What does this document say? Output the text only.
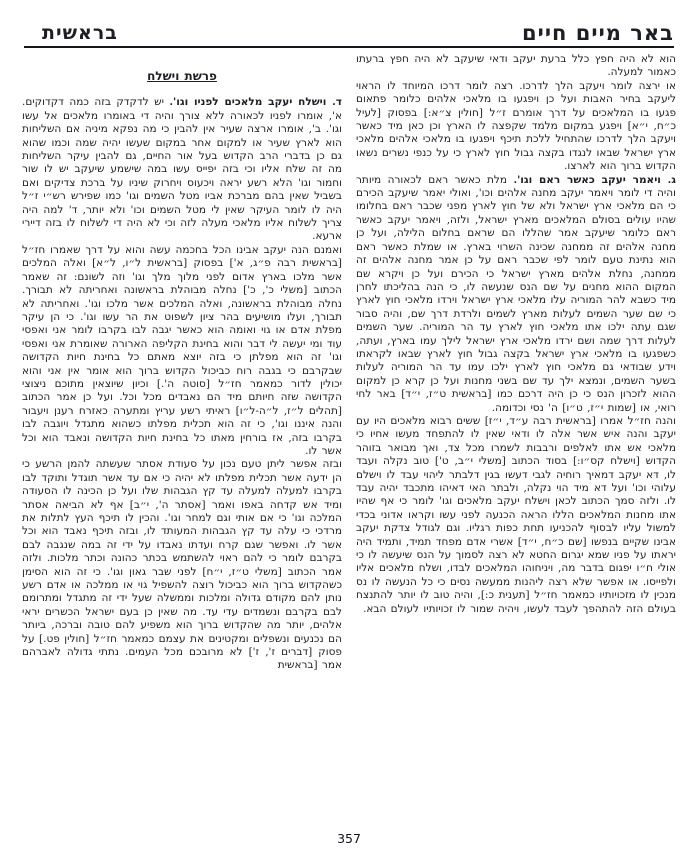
באר מיים חיים
בראשית

הוא לא היה חפץ כלל ברעת יעקב ודאי שיעקב לא היה חפץ ברעתו כאמור למעלה.

או ירצה לומר ויעקב הלך לדרכו. רצה לומר דרכו המיוחד לו הראוי ליעקב בחיר האבות ועל כן ויפגעו בו מלאכי אלהים כלומר פתאום פגעו בו המלאכים על דרך אומרם ז״ל [חולין צ״א:] בפסוק [לעיל כ״ח, י״א] ויפגע במקום מלמד שקפצה לו הארץ וכן כאן מיד כאשר ויעקב הלך לדרכו שהתחיל ללכת תיכף ויפגעו בו מלאכי אלהים מלאכי ארץ ישראל שבאו לנגדו בקצה גבול חוץ לארץ כי על כנפי נשרים נשאו הקדוש ברוך הוא לארצו.

ג. ויאמר יעקב כאשר ראם וגו'. מלת כאשר ראם לכאורה מיותר והיה די לומר ויאמר יעקב מחנה אלהים וכו', ואולי יאמר שיעקב הכירם כי הם מלאכי ארץ ישראל ולא של חוץ לארץ מפני שכבר ראם בחלומו שהיו עולים בסולם המלאכים מארץ ישראל, ולזה, ויאמר יעקב כאשר ראם כלומר שיעקב אמר שהללו הם שראם בחלום הלילה, ועל כן מחנה אלהים זה ממחנה שכינה השרוי בארץ. או שמלת כאשר ראם הוא נתינת טעם לומר לפי שכבר ראם על כן אמר מחנה אלהים זה ממחנה, נחלת אלהים מארץ ישראל כי הכירם ועל כן ויקרא שם המקום ההוא מחנים על שם הנס שנעשה לו, כי הנה בהליכתו לחרן מיד כשבא להר המוריה עלו מלאכי ארץ ישראל וירדו מלאכי חוץ לארץ כי שם שער השמים לעלות מארץ לשמים ולרדת דרך שם, והיה סבור שגם עתה ילכו אתו מלאכי חוץ לארץ עד הר המוריה. שער השמים לעלות דרך שמה ושם ירדו מלאכי ארץ ישראל לילך עמו בארץ, ועתה, כשפגעו בו מלאכי ארץ ישראל בקצה גבול חוץ לארץ שבאו לקראתו וידע שבודאי גם מלאכי חוץ לארץ ילכו עמו עד הר המוריה לעלות בשער השמים, ונמצא ילך עד שם בשני מחנות ועל כן קרא כן למקום ההוא לזכרון הנס כי כן היה דרכם כמו [בראשית ט״ז, י״ד] באר לחי רואי, או [שמות י״ז, ט״ו] ה' נסי וכדומה.

והנה חז״ל אמרו [בראשית רבה ע״ד, י״ז] ששים רבוא מלאכים היו עם יעקב והנה איש אשר אלה לו ודאי שאין לו להתפחד מעשו אחיו כי מלאכי אש אתו לאלפים ורבבות לשמרו מכל צד, ואך מבואר בזוהר הקדוש [וישלח קס״ו:] בסוד הכתוב [משלי י״ב, ט'] טוב נקלה ועבד לו, דא יעקב דמאיך רוחיה לגבי דעשו בגין דלבתר ליהוי עבד לו וישלם עלוהי וכו' ועל דא מיד הוי נקלה, ולבתר האי דאיהו מתכבד יהיה עבד לו. ולזה סמך הכתוב לכאן וישלח יעקב מלאכים וגו' לומר כי אף שהיו אתו מחנות המלאכים הללו הראה הכנעה לפני עשו וקראו אדוני בכדי למשול עליו לבסוף להכניעו תחת כפות רגליו. וגם לגודל צדקת יעקב אבינו שקיים בנפשו [שם כ״ח, י״ד] אשרי אדם מפחד תמיד, ותמיד היה יראתו על פניו שמא יגרום החטא לא רצה לסמוך על הנס שיעשה לו כי אולי ח״ו יפגום בדבר מה, ויניחוהו המלאכים לבדו, ושלח מלאכים אליו ולפייסו. או אפשר שלא רצה ליהנות ממעשה נסים כי כל הנעשה לו נס מנכין לו מזכויותיו כמאמר חז״ל [תענית כ:], והיה טוב לו יותר להתנצח בעולם הזה להתהפך לעבד לעשו, ויהיה שמור לו זכויותיו לעולם הבא.

פרשת וישלח

ד. וישלח יעקב מלאכים לפניו וגו'. יש לדקדק בזה כמה דקדוקים. א', אומרו לפניו לכאורה ללא צורך והיה די באומרו מלאכים אל עשו וגו'. ב', אומרו ארצה שעיר אין להבין כי מה נפקא מיניה אם השליחות הוא לארץ שעיר או למקום אחר במקום שעשו יהיה שמה וכמו שהוא גם כן בדברי הרב הקדוש בעל אור החיים, גם להבין עיקר השליחות מה זה שלח אליו וכי בזה יפייס עשו במה שישמע שיעקב יש לו שור וחמור וגו' הלא רשע יראה ויכעוס ויחרוק שיניו על ברכת צדיקים ואם בשביל שאין בהם מברכת אביו מטל השמים וגו' כמו שפירש רש״י ז״ל היה לו לומר העיקר שאין לי מטל השמים וכו' ולא יותר, ד' למה היה צריך לשלוח אליו מלאכי מעלה לזה וכי לא היה די לשלוח לו בזה דיירי ארעא.

ואמנם הנה יעקב אבינו הכל בחכמה עשה והוא על דרך שאמרו חז״ל [בראשית רבה פ״ג, א'] בפסוק [בראשית ל״ו, ל״א] ואלה המלכים אשר מלכו בארץ אדום לפני מלוך מלך וגו' וזה לשונם: זה שאמר הכתוב [משלי כ', כ'] נחלה מבוהלת בראשונה ואחריתה לא תבורך. נחלה מבוהלת בראשונה, ואלה המלכים אשר מלכו וגו'. ואחריתה לא תבורך, ועלו מושיעים בהר ציון לשפוט את הר עשו וגו'. כי הן עיקר מפלת אדם או גוי ואומה הוא כאשר יגבה לבו בקרבו לומר אני ואפסי עוד ומי יעשה לי דבר והוא בחינת הקליפה הארורה שאומרת אני ואפסי וגו' זה הוא מפלתן כי בזה יוצא מאתם כל בחינת חיות הקדושה שבקרבם כי בגבה רוח כביכול הקדוש ברוך הוא אומר אין אני והוא יכולין לדור כמאמר חז״ל [סוטה ה'.] וכיון שיוצאין מתוכם ניצוצי הקדושה שזה חיותם מיד הם נאבדים מכל וכל. ועל כן אמר הכתוב [תהלים ל״ז, ל״ה-ל״ו] ראיתי רשע עריץ ומתערה כאזרח רענן ויעבור והנה איננו וגו', כי זה הוא תכלית מפלתו כשהוא מתגדל ויוגבה לבו בקרבו בזה, אז בורחין מאתו כל בחינת חיות הקדושה ונאבד הוא וכל אשר לו.

ובזה אפשר ליתן טעם נכון על סעודת אסתר שעשתה להמן הרשע כי הן ידעה אשר תכלית מפלתו לא יהיה כי אם עד אשר תוגדל ותוקד לבו בקרבו למעלה למעלה עד קץ הגבהות שלו ועל כן הכינה לו הסעודה ומיד אש קדחה באפו ואמר [אסתר ה', י״ב] אף לא הביאה אסתר המלכה וגו' כי אם אותי וגם למחר וגו'. והכין לו תיכף העץ לתלות את מרדכי כי עלה עד קץ הגבהות המעותד לו, ובזה תיכף נאבד הוא וכל אשר לו. ואפשר שגם קרח ועדתו נאבדו על ידי זה במה שנגבה לבם בקרבם לומר כי להם ראוי להשתמש בכתר כהונה וכתר מלכות. ולזה אמר הכתוב [משלי ט״ז, י״ח] לפני שבר גאון וגו'. כי זה הוא הסימן כשהקדוש ברוך הוא כביכול רוצה להשפיל גוי או ממלכה או אדם רשע נותן להם מקודם גדולה ומלכות וממשלה שעל ידי זה מתגדל ומתרומם לבם בקרבם ונשמדים עדי עד. מה שאין כן בעם ישראל הכשרים יראי אלהים, יותר מה שהקדוש ברוך הוא משפיע להם טובה וברכה, ביותר הם נכנעים ונשפלים ומקטינים את עצמם כמאמר חז״ל [חולין פט.] על פסוק [דברים ז', ז'] לא מרובכם מכל העמים. נתתי גדולה לאברהם אמר [בראשית

357
